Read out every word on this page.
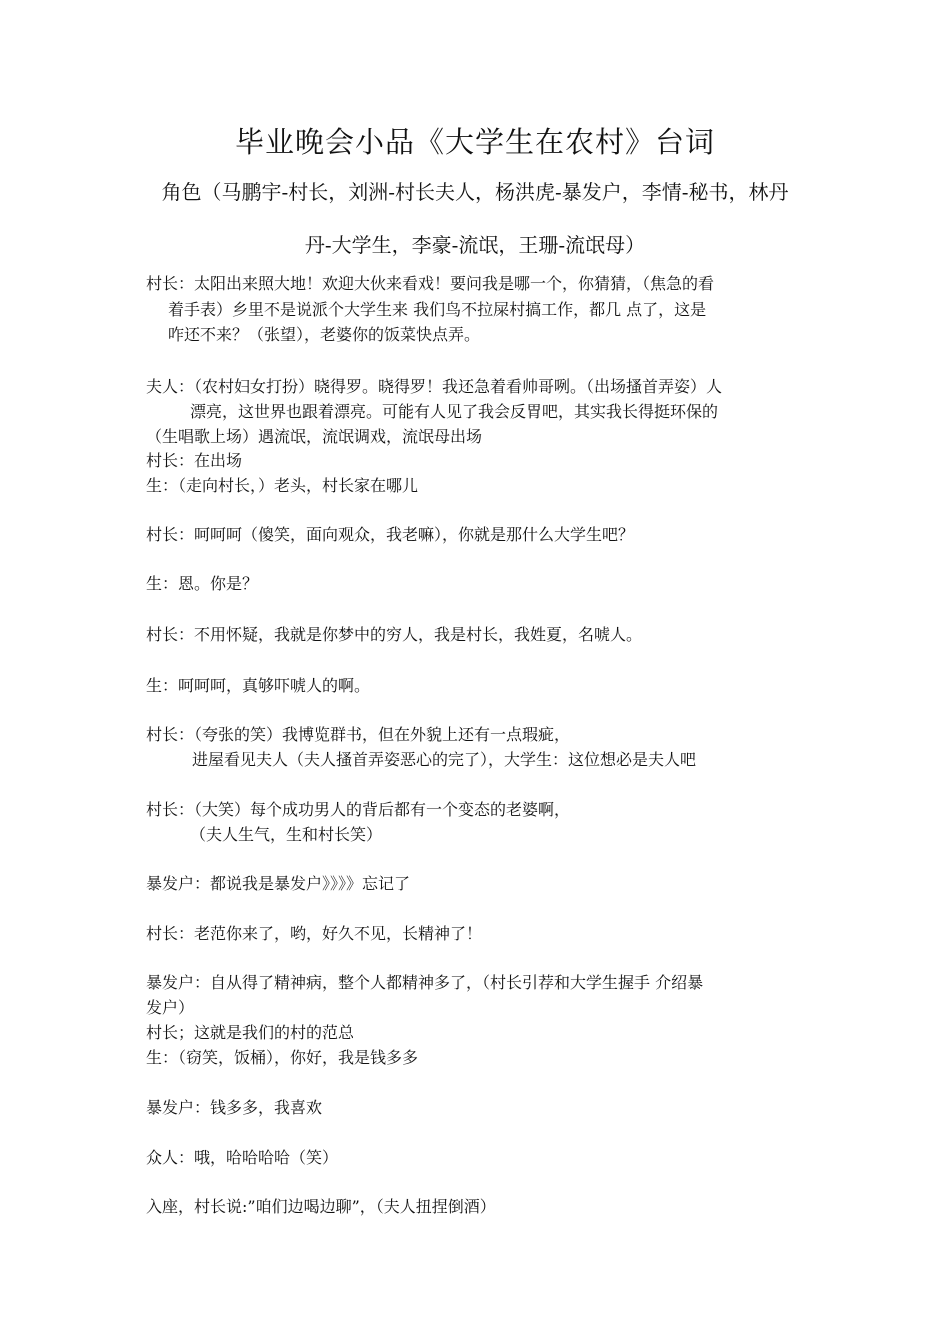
毕业晚会小品《大学生在农村》台词
角色（马鹏宇-村长，刘洲-村长夫人，杨洪虎-暴发户，李情-秘书，林丹
丹-大学生，李豪-流氓，王珊-流氓母）
村长：太阳出来照大地！欢迎大伙来看戏！要问我是哪一个，你猜猜，（焦急的看
着手表）乡里不是说派个大学生来 我们鸟不拉屎村搞工作，都几 点了，这是
咋还不来？（张望），老婆你的饭菜快点弄。
夫人：（农村妇女打扮）晓得罗。晓得罗！我还急着看帅哥咧。（出场搔首弄姿）人
漂亮，这世界也跟着漂亮。可能有人见了我会反胃吧，其实我长得挺环保的
（生唱歌上场）遇流氓，流氓调戏，流氓母出场
村长：在出场
生：（走向村长，）老头，村长家在哪儿
村长：呵呵呵（傻笑，面向观众，我老嘛），你就是那什么大学生吧？
生：恩。你是？
村长：不用怀疑，我就是你梦中的穷人，我是村长，我姓夏，名唬人。
生：呵呵呵，真够吓唬人的啊。
村长：（夸张的笑）我博览群书，但在外貌上还有一点瑕疵，
进屋看见夫人（夫人搔首弄姿恶心的完了），大学生：这位想必是夫人吧
村长：（大笑）每个成功男人的背后都有一个变态的老婆啊，
（夫人生气，生和村长笑）
暴发户：都说我是暴发户》》》》忘记了
村长：老范你来了，哟，好久不见，长精神了！
暴发户：自从得了精神病，整个人都精神多了，（村长引荐和大学生握手 介绍暴
发户）
村长；这就是我们的村的范总
生：（窃笑，饭桶），你好，我是钱多多
暴发户：钱多多，我喜欢
众人：哦，哈哈哈哈（笑）
入座，村长说:”咱们边喝边聊”，（夫人扭捏倒酒）
